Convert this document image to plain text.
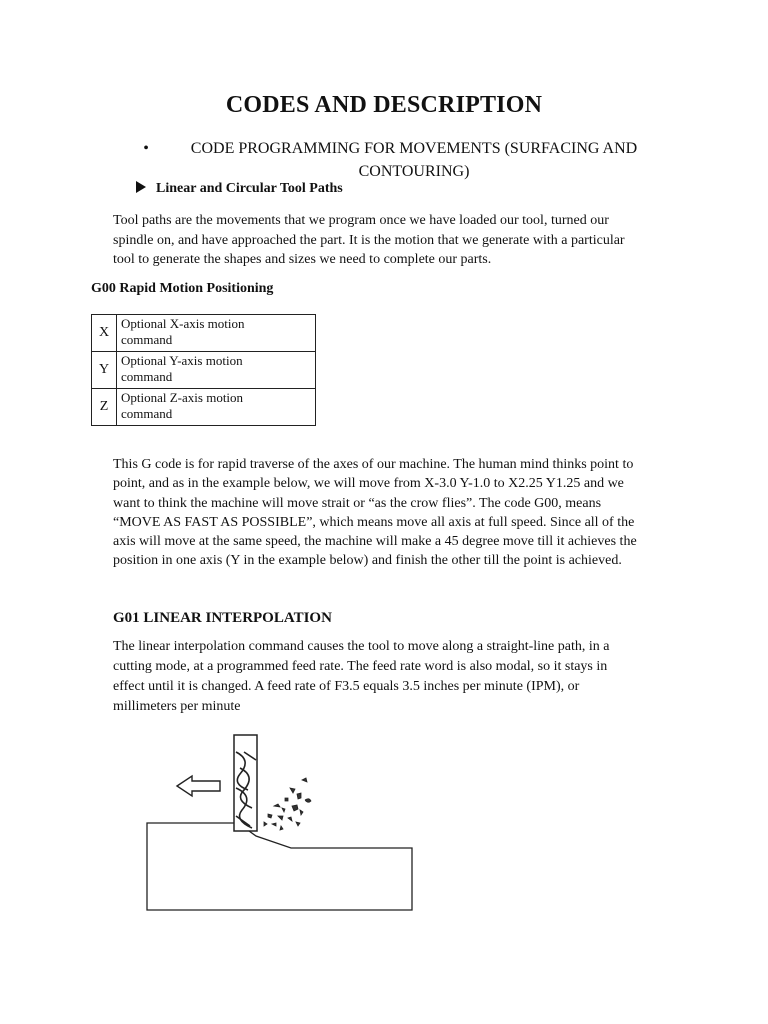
CODES AND DESCRIPTION
•	CODE PROGRAMMING FOR MOVEMENTS (SURFACING AND
CONTOURING)
Linear and Circular Tool Paths
Tool paths are the movements that we program once we have loaded our tool, turned our
spindle on, and have approached the part. It is the motion that we generate with a particular
tool to generate the shapes and sizes we need to complete our parts.
G00 Rapid Motion Positioning
X	Optional X-axis motion
command

Y	Optional Y-axis motion
command

Z	Optional Z-axis motion
command
This G code is for rapid traverse of the axes of our machine. The human mind thinks point to
point, and as in the example below, we will move from X-3.0 Y-1.0 to X2.25 Y1.25 and we
want to think the machine will move strait or “as the crow flies”. The code G00, means
“MOVE AS FAST AS POSSIBLE”, which means move all axis at full speed. Since all of the
axis will move at the same speed, the machine will make a 45 degree move till it achieves the
position in one axis (Y in the example below) and finish the other till the point is achieved.
G01 LINEAR INTERPOLATION
The linear interpolation command causes the tool to move along a straight-line path, in a
cutting mode, at a programmed feed rate. The feed rate word is also modal, so it stays in
effect until it is changed. A feed rate of F3.5 equals 3.5 inches per minute (IPM), or
millimeters per minute
